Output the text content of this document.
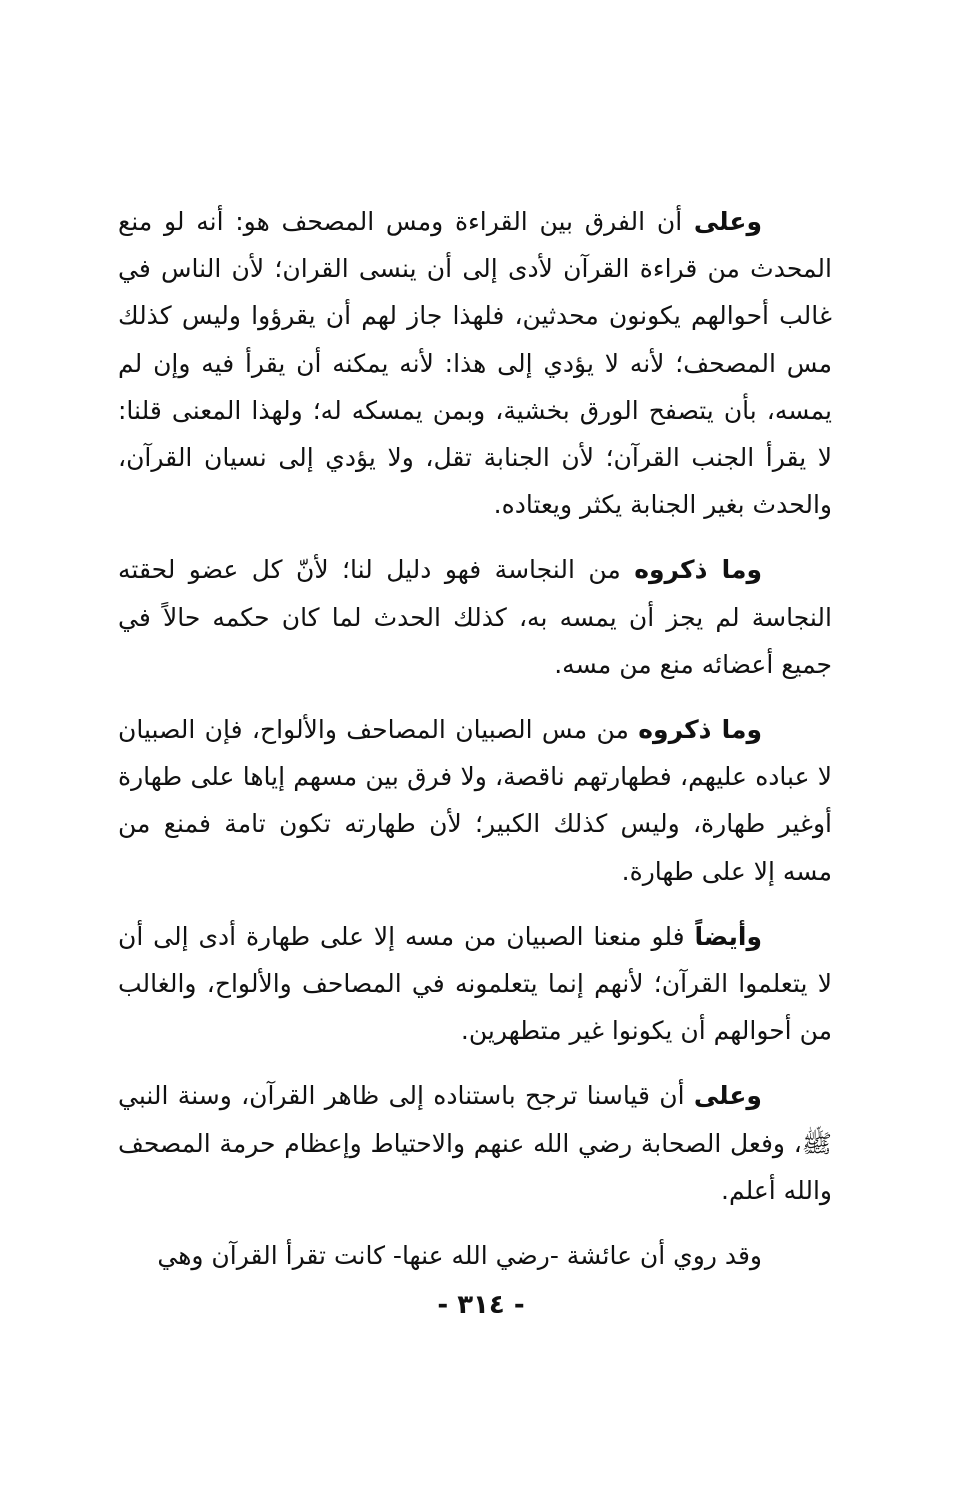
وعلى أن الفرق بين القراءة ومس المصحف هو: أنه لو منع المحدث من قراءة القرآن لأدى إلى أن ينسى القران؛ لأن الناس في غالب أحوالهم يكونون محدثين، فلهذا جاز لهم أن يقرؤوا وليس كذلك مس المصحف؛ لأنه لا يؤدي إلى هذا: لأنه يمكنه أن يقرأ فيه وإن لم يمسه، بأن يتصفح الورق بخشية، وبمن يمسكه له؛ ولهذا المعنى قلنا: لا يقرأ الجنب القرآن؛ لأن الجنابة تقل، ولا يؤدي إلى نسيان القرآن، والحدث بغير الجنابة يكثر ويعتاده.

وما ذكروه من النجاسة فهو دليل لنا؛ لأنّ كل عضو لحقته النجاسة لم يجز أن يمسه به، كذلك الحدث لما كان حكمه حالاً في جميع أعضائه منع من مسه.

وما ذكروه من مس الصبيان المصاحف والألواح، فإن الصبيان لا عباده عليهم، فطهارتهم ناقصة، ولا فرق بين مسهم إياها على طهارة أوغير طهارة، وليس كذلك الكبير؛ لأن طهارته تكون تامة فمنع من مسه إلا على طهارة.

وأيضاً فلو منعنا الصبيان من مسه إلا على طهارة أدى إلى أن لا يتعلموا القرآن؛ لأنهم إنما يتعلمونه في المصاحف والألواح، والغالب من أحوالهم أن يكونوا غير متطهرين.

وعلى أن قياسنا ترجح باستناده إلى ظاهر القرآن، وسنة النبي ﷺ، وفعل الصحابة رضي الله عنهم والاحتياط وإعظام حرمة المصحف والله أعلم.

وقد روي أن عائشة -رضي الله عنها- كانت تقرأ القرآن وهي

- ٣١٤ -
